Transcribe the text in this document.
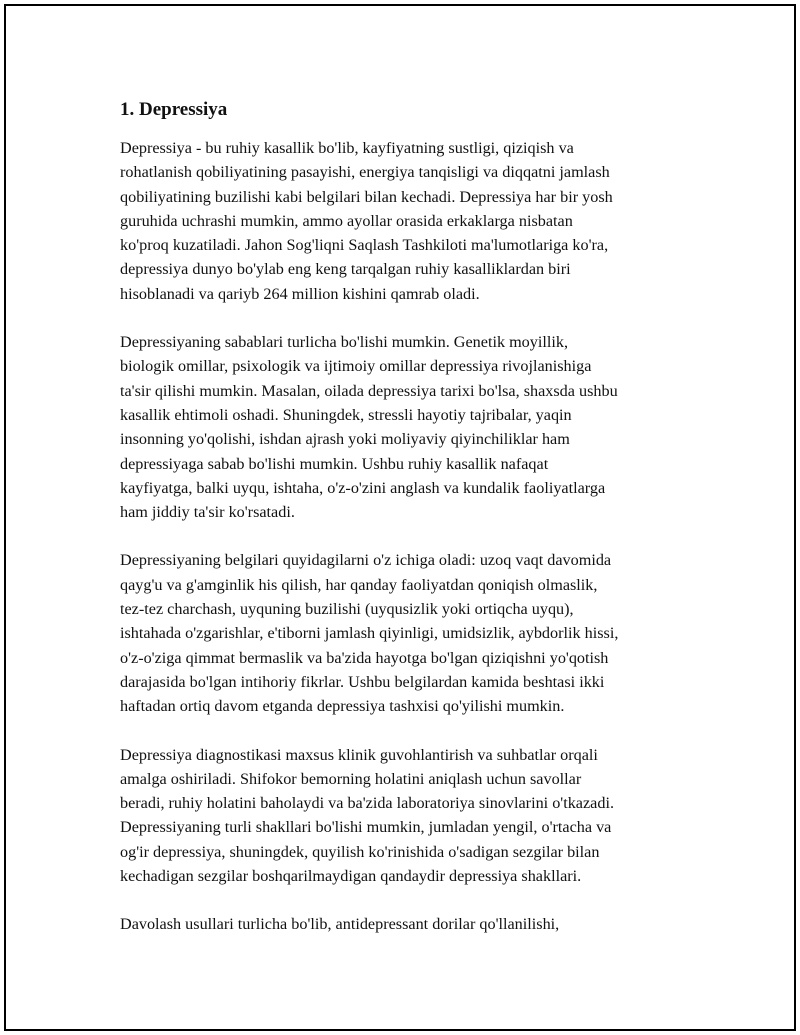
1. Depressiya

Depressiya - bu ruhiy kasallik bo'lib, kayfiyatning sustligi, qiziqish va
rohatlanish qobiliyatining pasayishi, energiya tanqisligi va diqqatni jamlash
qobiliyatining buzilishi kabi belgilari bilan kechadi. Depressiya har bir yosh
guruhida uchrashi mumkin, ammo ayollar orasida erkaklarga nisbatan
ko'proq kuzatiladi. Jahon Sog'liqni Saqlash Tashkiloti ma'lumotlariga ko'ra,
depressiya dunyo bo'ylab eng keng tarqalgan ruhiy kasalliklardan biri
hisoblanadi va qariyb 264 million kishini qamrab oladi.

Depressiyaning sabablari turlicha bo'lishi mumkin. Genetik moyillik,
biologik omillar, psixologik va ijtimoiy omillar depressiya rivojlanishiga
ta'sir qilishi mumkin. Masalan, oilada depressiya tarixi bo'lsa, shaxsda ushbu
kasallik ehtimoli oshadi. Shuningdek, stressli hayotiy tajribalar, yaqin
insonning yo'qolishi, ishdan ajrash yoki moliyaviy qiyinchiliklar ham
depressiyaga sabab bo'lishi mumkin. Ushbu ruhiy kasallik nafaqat
kayfiyatga, balki uyqu, ishtaha, o'z-o'zini anglash va kundalik faoliyatlarga
ham jiddiy ta'sir ko'rsatadi.

Depressiyaning belgilari quyidagilarni o'z ichiga oladi: uzoq vaqt davomida
qayg'u va g'amginlik his qilish, har qanday faoliyatdan qoniqish olmaslik,
tez-tez charchash, uyquning buzilishi (uyqusizlik yoki ortiqcha uyqu),
ishtahada o'zgarishlar, e'tiborni jamlash qiyinligi, umidsizlik, aybdorlik hissi,
o'z-o'ziga qimmat bermaslik va ba'zida hayotga bo'lgan qiziqishni yo'qotish
darajasida bo'lgan intihoriy fikrlar. Ushbu belgilardan kamida beshtasi ikki
haftadan ortiq davom etganda depressiya tashxisi qo'yilishi mumkin.

Depressiya diagnostikasi maxsus klinik guvohlantirish va suhbatlar orqali
amalga oshiriladi. Shifokor bemorning holatini aniqlash uchun savollar
beradi, ruhiy holatini baholaydi va ba'zida laboratoriya sinovlarini o'tkazadi.
Depressiyaning turli shakllari bo'lishi mumkin, jumladan yengil, o'rtacha va
og'ir depressiya, shuningdek, quyilish ko'rinishida o'sadigan sezgilar bilan
kechadigan sezgilar boshqarilmaydigan qandaydir depressiya shakllari.

Davolash usullari turlicha bo'lib, antidepressant dorilar qo'llanilishi,
